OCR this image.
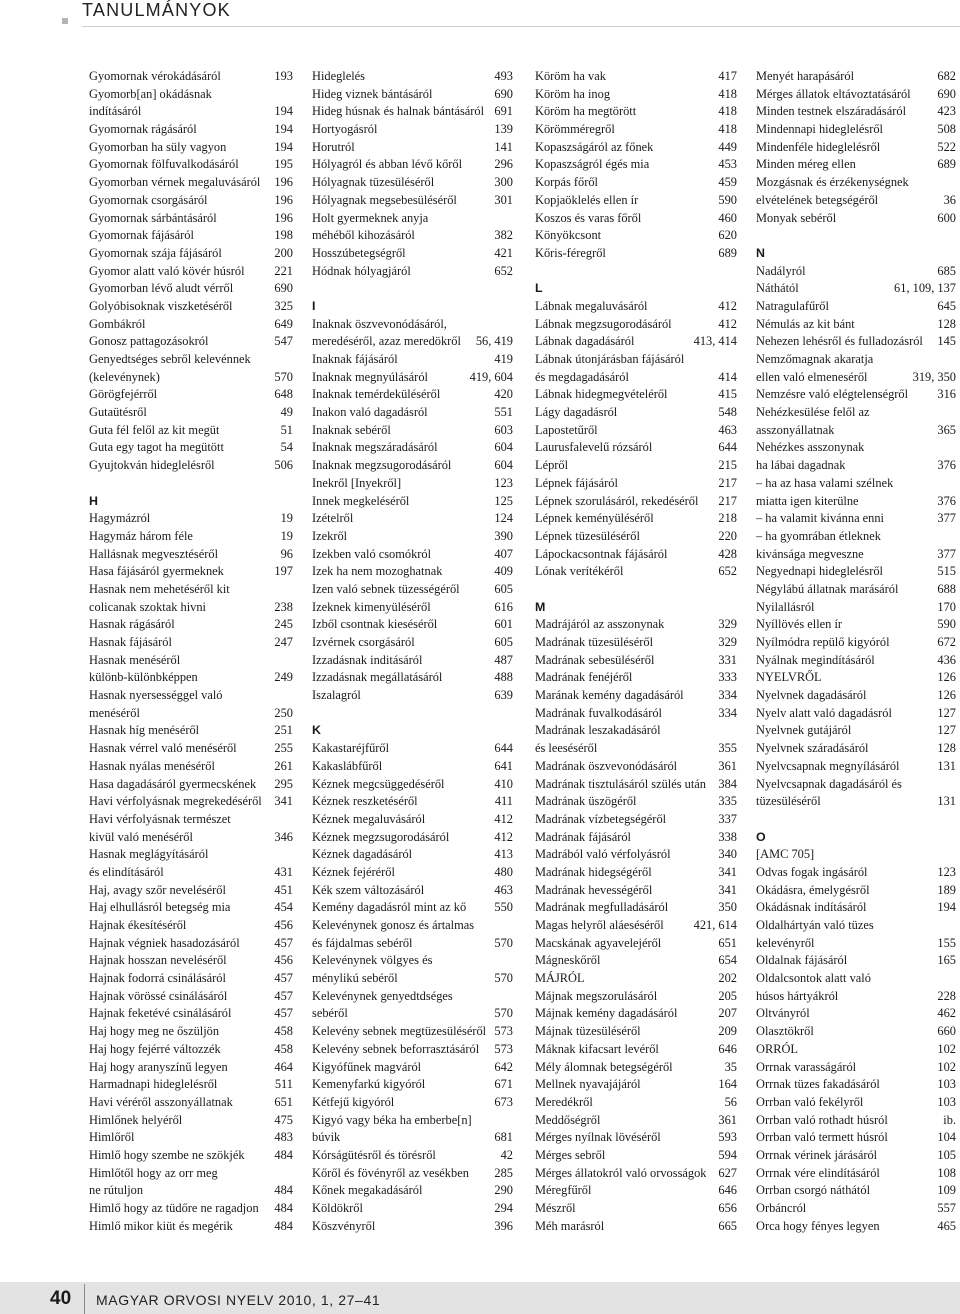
TANULMÁNYOK
Gyomornak vérokádásáról	193
Gyomorb[an] okádásnak
indításáról	194
Gyomornak rágásáról	194
Gyomorban ha süly vagyon	194
Gyomornak fölfuvalkodásáról	195
Gyomorban vérnek megaluvásáról 196
Gyomornak csorgásáról	196
Gyomornak sárbántásáról	196
Gyomornak fájásáról	198
Gyomornak szája fájásáról	200
Gyomor alatt való kövér húsról 221
Gyomorban lévő aludt vérről	690
Golyóbisoknak viszketéséről	325
Gombákról	649
Gonosz pattagozásokról	547
Genyedtséges sebről kelevénnek
(kelevénynek)	570
Görögfejérről	648
Gutaütésről	49
Guta fél felől az kit megüt	51
Guta egy tagot ha megütött	54
Gyujtokván hideglelésről	506
H
Hagymázról	19
Hagymáz három féle	19
Hallásnak megvesztéséről	96
Hasa fájásáról gyermeknek	197
Hasnak nem mehetéséről kit
colicanak szoktak hivni	238
Hasnak rágásáról	245
Hasnak fájásáról	247
Hasnak menéséről
különb-különbképpen	249
Hasnak nyersességgel való
menéséről	250
Hasnak híg menéséről	251
Hasnak vérrel való menéséről	255
Hasnak nyálas menéséről	261
Hasa dagadásáról gyermecskének 295
Havi vérfolyásnak megrekedéséről 341
Havi vérfolyásnak természet
kivül való menéséről	346
Hasnak meglágyításáról
és elindításáról	431
Haj, avagy szőr neveléséről	451
Haj elhullásról betegség mia	454
Hajnak ékesítéséről	456
Hajnak végniek hasadozásáról	457
Hajnak hosszan neveléséről	456
Hajnak fodorrá csinálásáról	457
Hajnak vörössé csinálásáról	457
Hajnak feketévé csinálásáról	457
Haj hogy meg ne őszüljön	458
Haj hogy fejérré változzék	458
Haj hogy aranyszínű legyen	464
Harmadnapi hideglelésről	511
Havi véréről asszonyállatnak	651
Himlőnek helyéről	475
Himlőről	483
Himlő hogy szembe ne szökjék 484
Himlőtől hogy az orr meg
ne rútuljon	484
Himlő hogy az tüdőre ne ragadjon 484
Himlő mikor kiüt és megérik	484
Hideglelés	493
Hideg viznek bántásáról	690
Hideg húsnak és halnak bántásáról 691
Hortyogásról	139
Horutról	141
Hólyagról és abban lévő kőről	296
Hólyagnak tüzesüléséről	300
Hólyagnak megsebesüléséről	301
Holt gyermeknek anyja
méhéből kihozásáról	382
Hosszúbetegségről	421
Hódnak hólyagjáról	652
I
Inaknak öszvevonódásáról,
meredéséről, azaz meredökről 56, 419
Inaknak fájásáról	419
Inaknak megnyúlásáról	419, 604
Inaknak temérdeküléséről	420
Inakon való dagadásról	551
Inaknak sebéről	603
Inaknak megszáradásáról	604
Inaknak megzsugorodásáról	604
Inekről [Inyekről]	123
Innek megkeléséről	125
Izételről	124
Izekről	390
Izekben való csomókról	407
Izek ha nem mozoghatnak	409
Izen való sebnek tüzességéről	605
Izeknek kimenyüléséről	616
Izből csontnak kieséséről	601
Izvérnek csorgásáról	605
Izzadásnak inditásáról	487
Izzadásnak megállatásáról	488
Iszalagról	639
K
Kakastaréjfűről	644
Kakaslábfűről	641
Kéznek megcsüggedéséről	410
Kéznek reszketéséről	411
Kéznek megaluvásáról	412
Kéznek megzsugorodásáról	412
Kéznek dagadásáról	413
Kéznek fejéréről	480
Kék szem változásáról	463
Kemény dagadásról mint az kő 550
Kelevénynek gonosz és ártalmas
és fájdalmas sebéről	570
Kelevénynek völgyes és
ménylikú sebéről	570
Kelevénynek genyedtdséges
sebéről	570
Kelevény sebnek megtüzesüléséről 573
Kelevény sebnek beforrasztásáról 573
Kigyófűnek magváról	642
Kemenyfarkú kigyóról	671
Kétfejű kigyóról	673
Kigyó vagy béka ha emberbe[n]
búvik	681
Kórságütésről és törésről	42
Kőről és fövényről az vesékben 285
Kőnek megakadásáról	290
Köldökről	294
Köszvényről	396
Köröm ha vak	417
Köröm ha inog	418
Köröm ha megtörött	418
Körömméregről	418
Kopaszságáról az főnek	449
Kopaszságról égés mia	453
Korpás főről	459
Kopjaöklelés ellen ír	590
Koszos és varas főről	460
Könyökcsont	620
Kőris-féregről	689
L
Lábnak megaluvásáról	412
Lábnak megzsugorodásáról	412
Lábnak dagadásáról	413, 414
Lábnak útonjárásban fájásáról
és megdagadásáról	414
Lábnak hidegmegvételéről	415
Lágy dagadásról	548
Lapostetűről	463
Laurusfalevelű rózsáról	644
Lépről	215
Lépnek fájásáról	217
Lépnek szorulásáról, rekedéséről 217
Lépnek keményüléséről	218
Lépnek tüzesüléséről	220
Lápockacsontnak fájásáról	428
Lónak verítékéről	652
M
Madrájáról az asszonynak	329
Madrának tüzesüléséről	329
Madrának sebesüléséről	331
Madrának fenéjéről	333
Marának kemény dagadásáról	334
Madrának fuvalkodásáról	334
Madrának leszakadásáról
és leeséséről	355
Madrának öszvevonódásáról	361
Madrának tisztulásáról szülés után 384
Madrának üszögéről	335
Madrának vízbetegségéről	337
Madrának fájásáról	338
Madrából való vérfolyásról	340
Madrának hidegségéről	341
Madrának hevességéről	341
Madrának megfulladásáról	350
Magas helyről aláeséséről 421, 614
Macskának agyavelejéről	651
Mágneskőről	654
MÁJRÓL	202
Májnak megszorulásáról	205
Májnak kemény dagadásáról	207
Májnak tüzesüléséről	209
Máknak kifacsart levéről	646
Mély álomnak betegségéről	35
Mellnek nyavajájáról	164
Meredékről	56
Meddőségről	361
Mérges nyílnak lövéséről	593
Mérges sebről	594
Mérges állatokról való orvosságok 627
Méregfűről	646
Mészről	656
Méh marásról	665
Menyét harapásáról	682
Mérges állatok eltávoztatásáról 690
Minden testnek elszáradásáról	423
Mindennapi hideglelésről	508
Mindenféle hideglelésről	522
Minden méreg ellen	689
Mozgásnak és érzékenységnek
elvételének betegségéről	36
Monyak sebéről	600
N
Nadályról	685
Náthától	61, 109, 137
Natragulafűről	645
Némulás az kit bánt	128
Nehezen lehésről és fulladozásról 145
Nemzőmagnak akaratja
ellen való elmeneséről	319, 350
Nemzésre való elégtelenségről 316
Nehézkesülése felől az
asszonyállatnak	365
Nehézkes asszonynak
ha lábai dagadnak	376
– ha az hasa valami szélnek
miatta igen kiterülne	376
– ha valamit kivánna enni	377
– ha gyomrában étleknek
kivánsága megveszne	377
Negyednapi hideglelésről	515
Négylábú állatnak marásáról	688
Nyilallásról	170
Nyíllövés ellen ír	590
Nyílmódra repülő kigyóról	672
Nyálnak megindításáról	436
NYELVRŐL	126
Nyelvnek dagadásáról	126
Nyelv alatt való dagadásról	127
Nyelvnek gutájáról	127
Nyelvnek száradásáról	128
Nyelvcsapnak megnyílásáról	131
Nyelvcsapnak dagadásáról és
tüzesüléséről	131
O
[AMC 705]
Odvas fogak ingásáról	123
Okádásra, émelygésről	189
Okádásnak indításáról	194
Oldalhártyán való tüzes
kelevényről	155
Oldalnak fájásáról	165
Oldalcsontok alatt való
húsos hártyákról	228
Oltványról	462
Olasztökről	660
ORRÓL	102
Orrnak varasságáról	102
Orrnak tüzes fakadásáról	103
Orrban való fekélyről	103
Orrban való rothadt húsról	ib.
Orrban való termett húsról	104
Orrnak vérinek járásáról	105
Orrnak vére elindításáról	108
Orrban csorgó náthától	109
Orbáncról	557
Orca hogy fényes legyen	465
40 MAGYAR ORVOSI NYELV 2010, 1, 27–41
